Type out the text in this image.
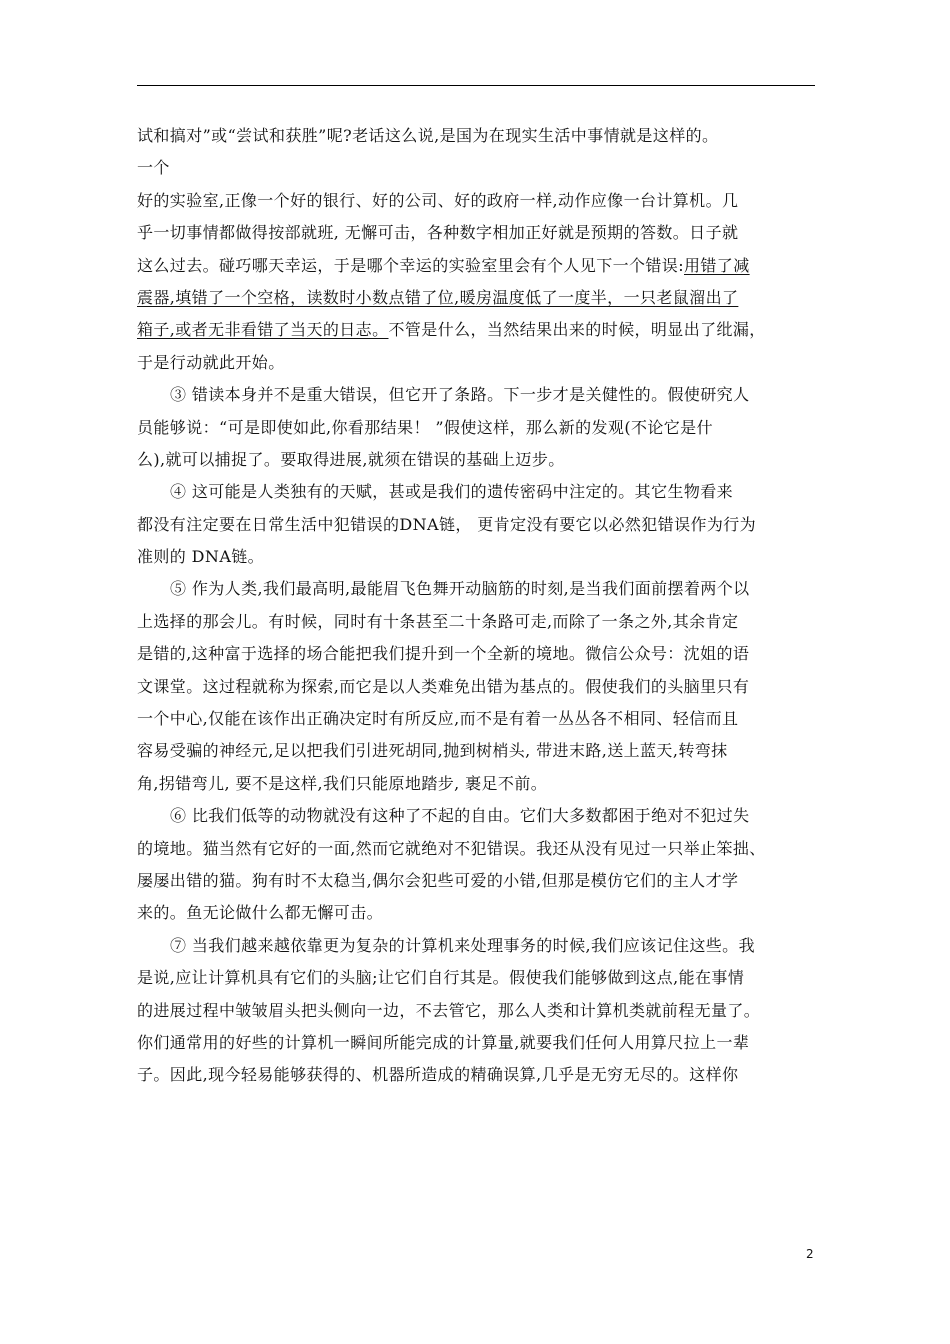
试和搞对”或“尝试和获胜”呢?老话这么说,是国为在现实生活中事情就是这样的。
一个
好的实验室,正像一个好的银行、好的公司、好的政府一样,动作应像一台计算机。几
乎一切事情都做得按部就班, 无懈可击，各种数字相加正好就是预期的答数。日子就
这么过去。碰巧哪天幸运，于是哪个幸运的实验室里会有个人见下一个错误:用错了减
震器,填错了一个空格，读数时小数点错了位,暖房温度低了一度半，一只老鼠溜出了
箱子,或者无非看错了当天的日志。不管是什么，当然结果出来的时候，明显出了纰漏，
于是行动就此开始。
③ 错读本身并不是重大错误，但它开了条路。下一步才是关健性的。假使研究人
员能够说：“可是即使如此,你看那结果！ ”假使这样，那么新的发观(不论它是什
么),就可以捕捉了。要取得进展,就须在错误的基础上迈步。
④ 这可能是人类独有的天赋，甚或是我们的遗传密码中注定的。其它生物看来
都没有注定要在日常生活中犯错误的DNA链， 更肯定没有要它以必然犯错误作为行为
准则的 DNA链。
⑤ 作为人类,我们最高明,最能眉飞色舞开动脑筋的时刻,是当我们面前摆着两个以
上选择的那会儿。有时候，同时有十条甚至二十条路可走,而除了一条之外,其余肯定
是错的,这种富于选择的场合能把我们提升到一个全新的境地。微信公众号：沈姐的语
文课堂。这过程就称为探索,而它是以人类难免出错为基点的。假使我们的头脑里只有
一个中心,仅能在该作出正确决定时有所反应,而不是有着一丛丛各不相同、轻信而且
容易受骗的神经元,足以把我们引进死胡同,抛到树梢头, 带进末路,送上蓝天,转弯抹
角,拐错弯儿, 要不是这样,我们只能原地踏步, 裹足不前。
⑥ 比我们低等的动物就没有这种了不起的自由。它们大多数都困于绝对不犯过失
的境地。猫当然有它好的一面,然而它就绝对不犯错误。我还从没有见过一只举止笨拙、
屡屡出错的猫。狗有时不太稳当,偶尔会犯些可爱的小错,但那是模仿它们的主人才学
来的。鱼无论做什么都无懈可击。
⑦ 当我们越来越依靠更为复杂的计算机来处理事务的时候,我们应该记住这些。我
是说,应让计算机具有它们的头脑;让它们自行其是。假使我们能够做到这点,能在事情
的进展过程中皱皱眉头把头侧向一边，不去管它，那么人类和计算机类就前程无量了。
你们通常用的好些的计算机一瞬间所能完成的计算量,就要我们任何人用算尺拉上一辈
子。因此,现今轻易能够获得的、机器所造成的精确误算,几乎是无穷无尽的。这样你
2
